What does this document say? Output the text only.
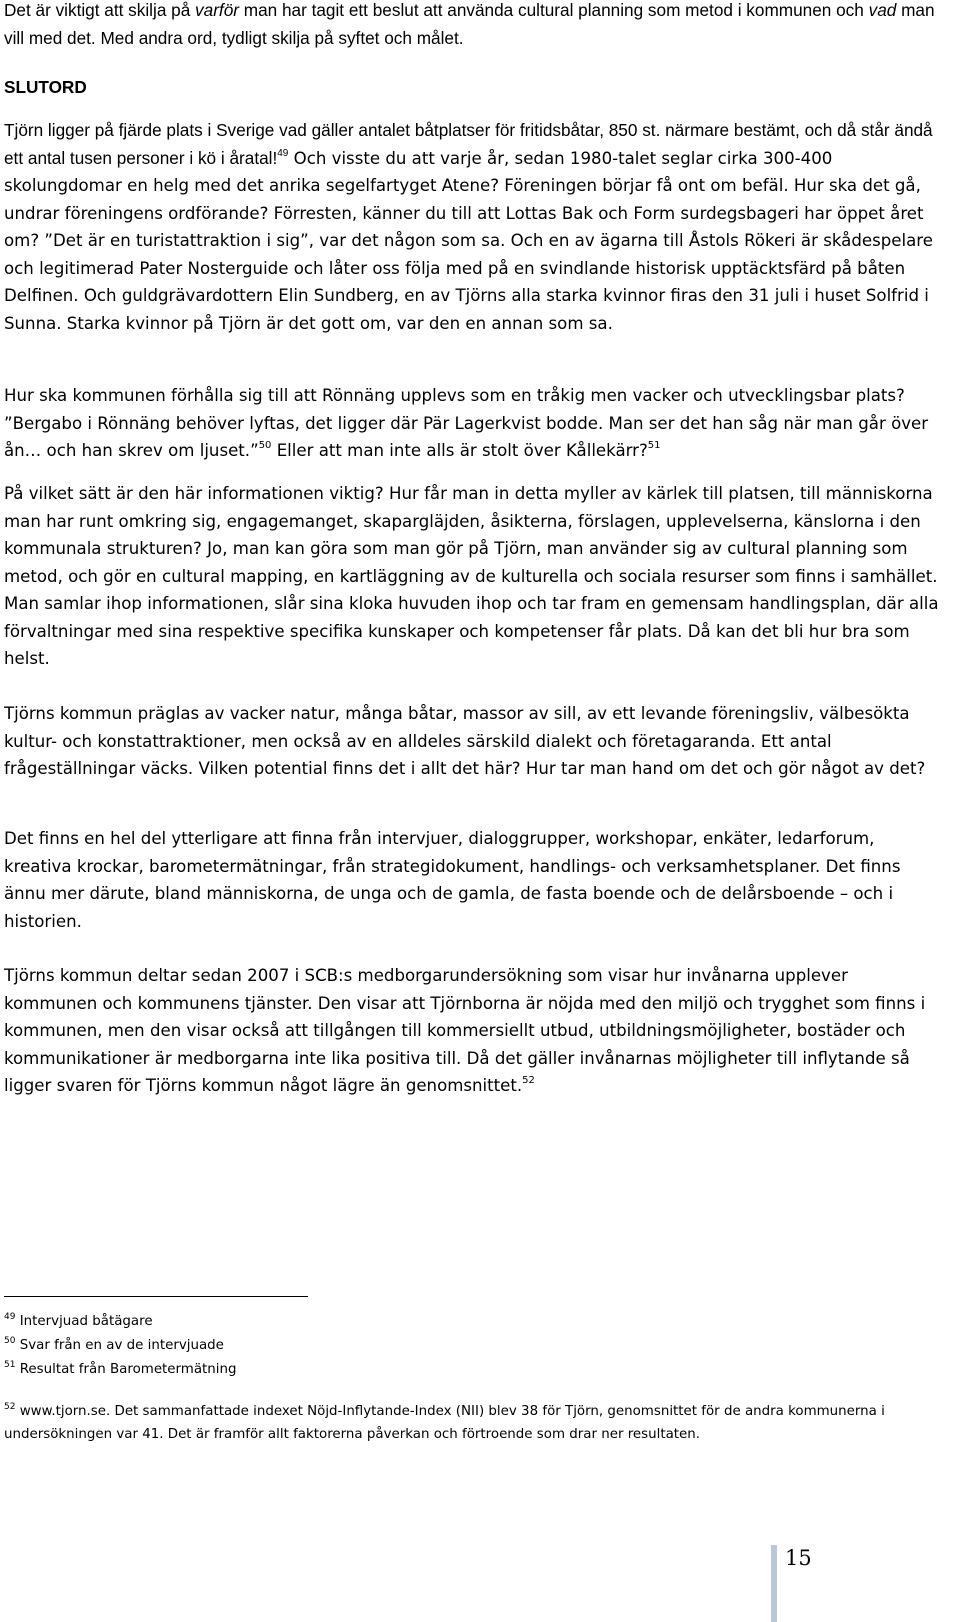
Det är viktigt att skilja på varför man har tagit ett beslut att använda cultural planning som metod i kommunen och vad man vill med det. Med andra ord, tydligt skilja på syftet och målet.

SLUTORD

Tjörn ligger på fjärde plats i Sverige vad gäller antalet båtplatser för fritidsbåtar, 850 st. närmare bestämt, och då står ändå ett antal tusen personer i kö i åratal!$^{49}$ Och visste du att varje år, sedan 1980-talet seglar cirka 300-400 skolungdomar en helg med det anrika segelfartyget Atene? Föreningen börjar få ont om befäl. Hur ska det gå, undrar föreningens ordförande? Förresten, känner du till att Lottas Bak och Form surdegsbageri har öppet året om? ”Det är en turistattraktion i sig”, var det någon som sa. Och en av ägarna till Åstols Rökeri är skådespelare och legitimerad Pater Nosterguide och låter oss följa med på en svindlande historisk upptäcktsfärd på båten Delfinen. Och guldgrävardottern Elin Sundberg, en av Tjörns alla starka kvinnor firas den 31 juli i huset Solfrid i Sunna. Starka kvinnor på Tjörn är det gott om, var den en annan som sa.

Hur ska kommunen förhålla sig till att Rönnäng upplevs som en tråkig men vacker och utvecklingsbar plats? ”Bergabo i Rönnäng behöver lyftas, det ligger där Pär Lagerkvist bodde. Man ser det han såg när man går över ån… och han skrev om ljuset.”$^{50}$ Eller att man inte alls är stolt över Kållekärr?$^{51}$

På vilket sätt är den här informationen viktig? Hur får man in detta myller av kärlek till platsen, till människorna man har runt omkring sig, engagemanget, skapargläjden, åsikterna, förslagen, upplevelserna, känslorna i den kommunala strukturen? Jo, man kan göra som man gör på Tjörn, man använder sig av cultural planning som metod, och gör en cultural mapping, en kartläggning av de kulturella och sociala resurser som finns i samhället. Man samlar ihop informationen, slår sina kloka huvuden ihop och tar fram en gemensam handlingsplan, där alla förvaltningar med sina respektive specifika kunskaper och kompetenser får plats. Då kan det bli hur bra som helst.

Tjörns kommun präglas av vacker natur, många båtar, massor av sill, av ett levande föreningsliv, välbesökta kultur- och konstattraktioner, men också av en alldeles särskild dialekt och företagaranda. Ett antal frågeställningar väcks. Vilken potential finns det i allt det här? Hur tar man hand om det och gör något av det?

Det finns en hel del ytterligare att finna från intervjuer, dialoggrupper, workshopar, enkäter, ledarforum, kreativa krockar, barometermätningar, från strategidokument, handlings- och verksamhetsplaner. Det finns ännu mer därute, bland människorna, de unga och de gamla, de fasta boende och de delårsboende – och i historien.

Tjörns kommun deltar sedan 2007 i SCB:s medborgarundersökning som visar hur invånarna upplever kommunen och kommunens tjänster. Den visar att Tjörnborna är nöjda med den miljö och trygghet som finns i kommunen, men den visar också att tillgången till kommersiellt utbud, utbildningsmöjligheter, bostäder och kommunikationer är medborgarna inte lika positiva till. Då det gäller invånarnas möjligheter till inflytande så ligger svaren för Tjörns kommun något lägre än genomsnittet.$^{52}$

$^{49}$ Intervjuad båtägare

$^{50}$ Svar från en av de intervjuade

$^{51}$ Resultat från Barometermätning

$^{52}$ www.tjorn.se. Det sammanfattade indexet Nöjd-Inflytande-Index (NII) blev 38 för Tjörn, genomsnittet för de andra kommunerna i undersökningen var 41. Det är framför allt faktorerna påverkan och förtroende som drar ner resultaten.

15
